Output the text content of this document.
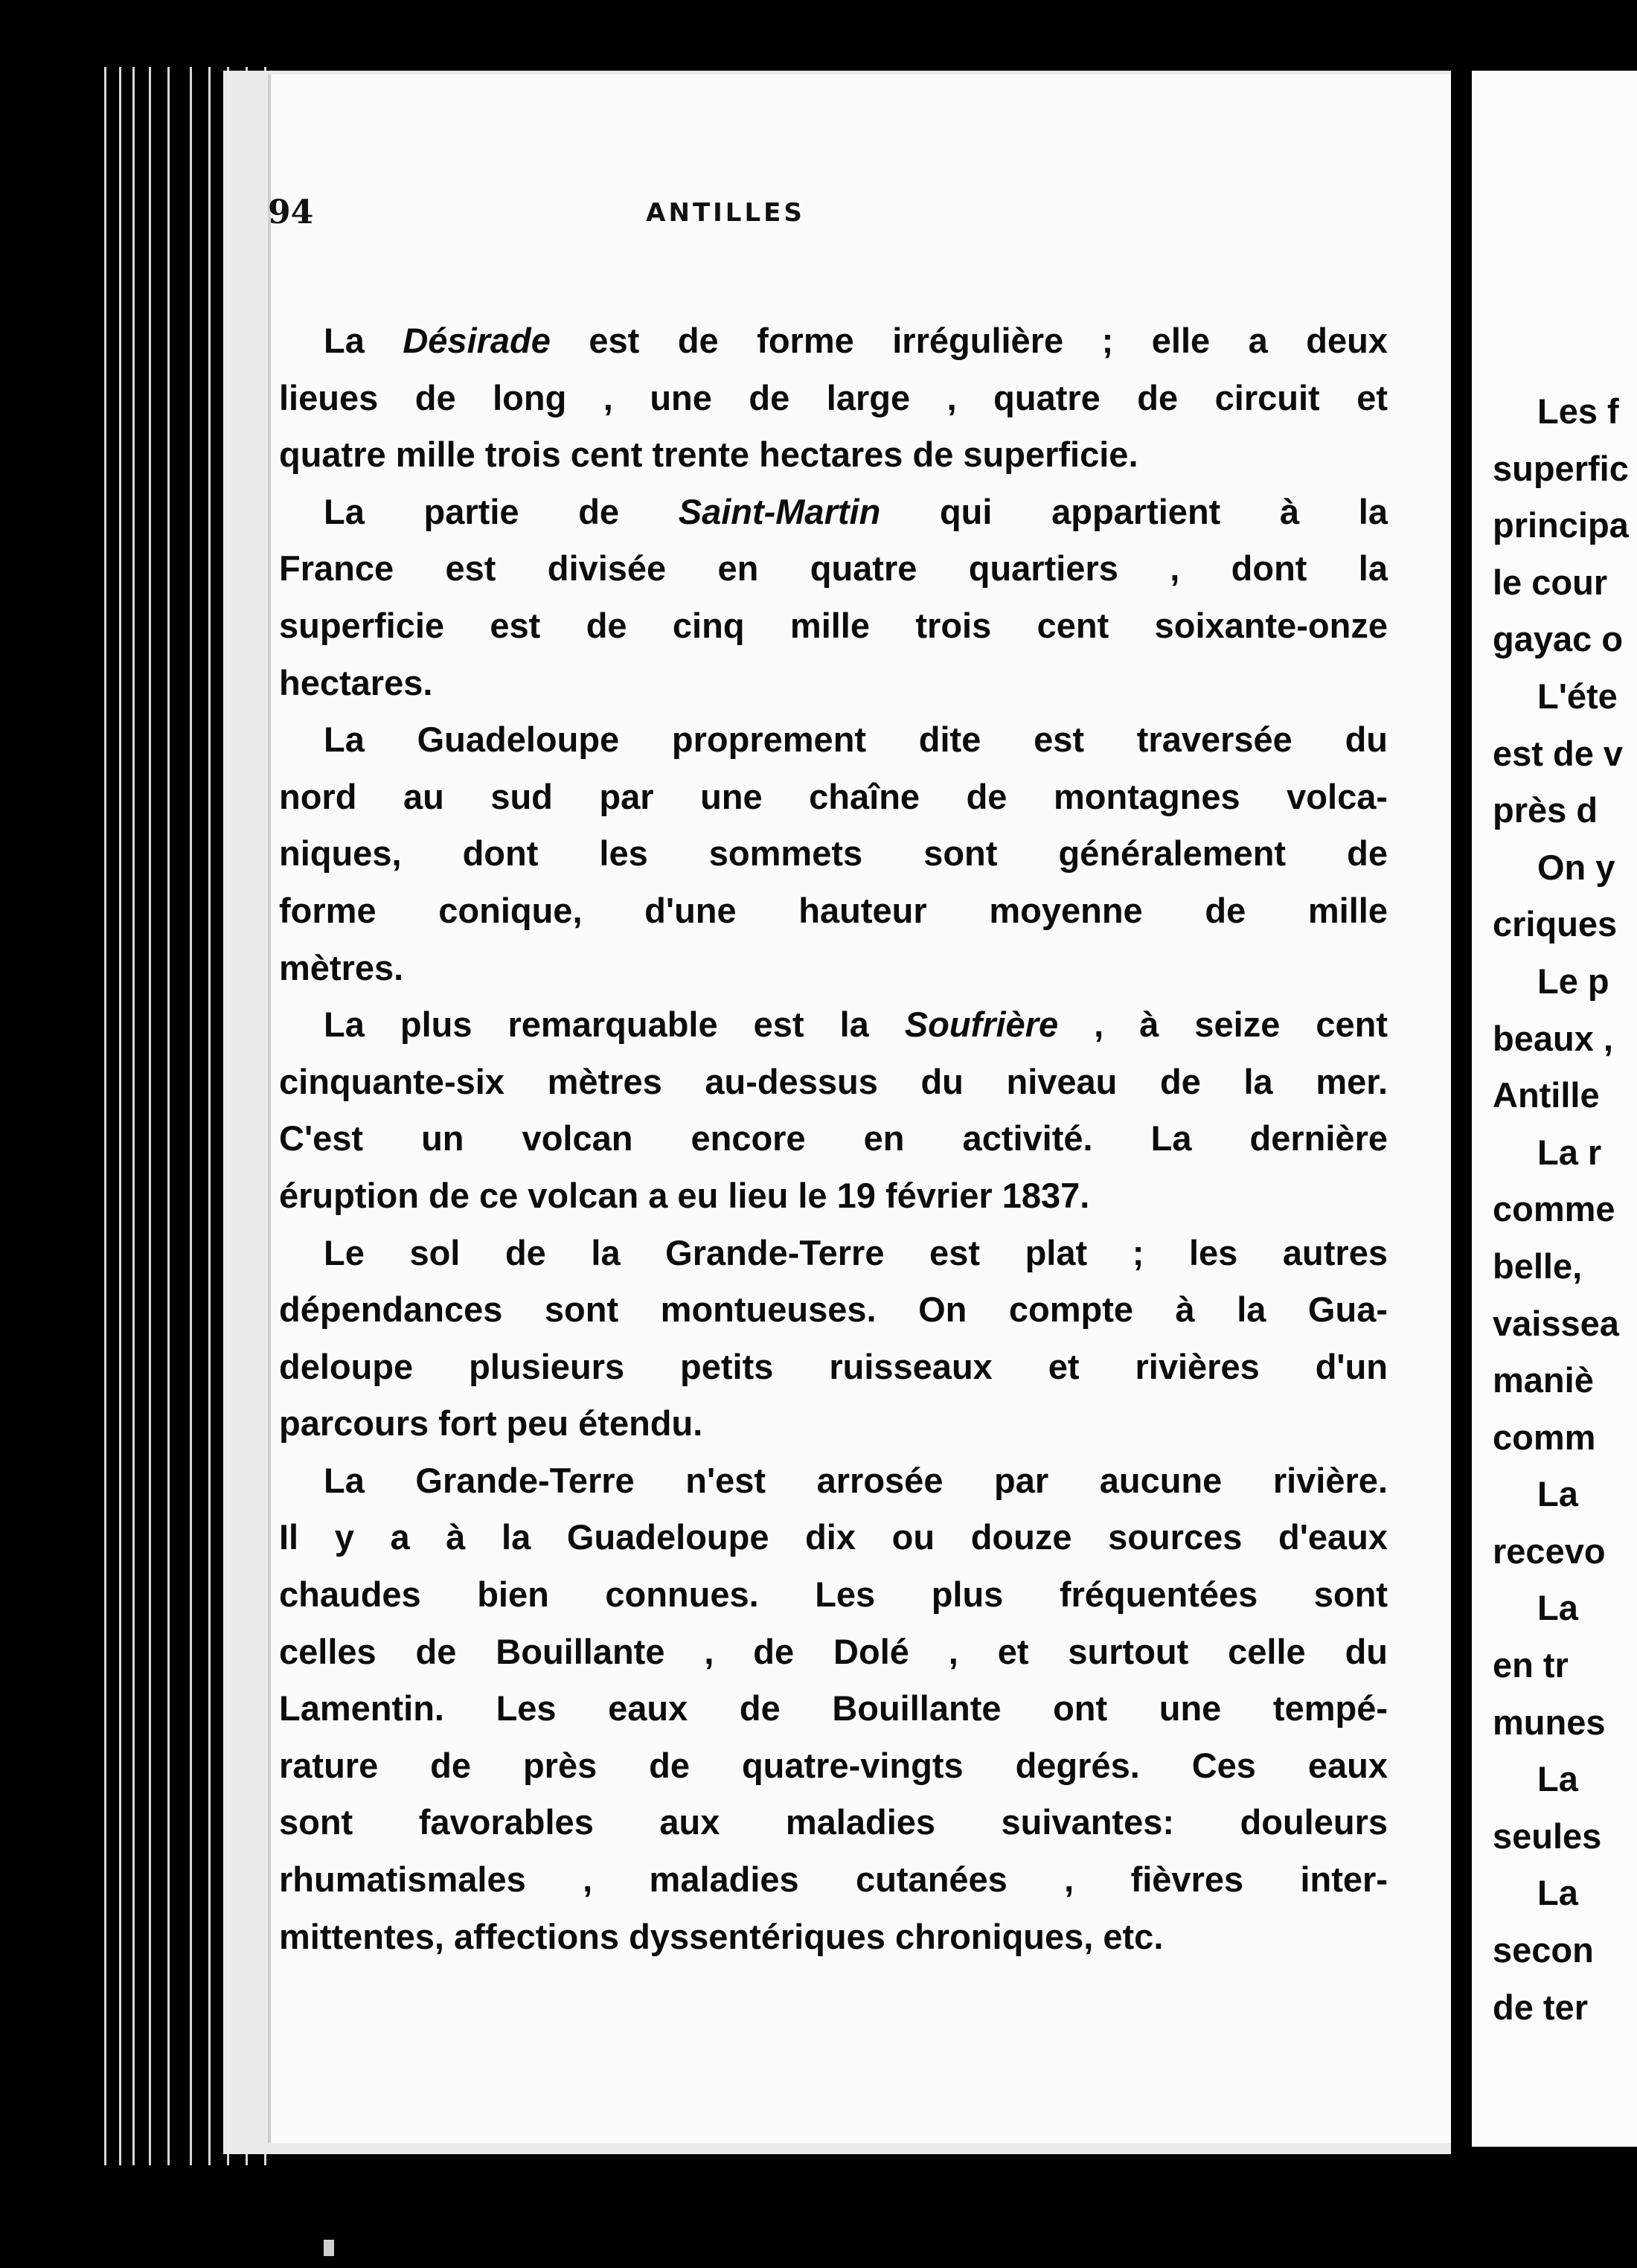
94	ANTILLES
La Désirade est de forme irrégulière ; elle a deux
lieues de long , une de large , quatre de circuit et
quatre mille trois cent trente hectares de superficie.
La partie de Saint-Martin qui appartient à la
France est divisée en quatre quartiers , dont la
superficie est de cinq mille trois cent soixante-onze
hectares.
La Guadeloupe proprement dite est traversée du
nord au sud par une chaîne de montagnes volca-
niques, dont les sommets sont généralement de
forme conique, d'une hauteur moyenne de mille
mètres.
La plus remarquable est la Soufrière , à seize cent
cinquante-six mètres au-dessus du niveau de la mer.
C'est un volcan encore en activité. La dernière
éruption de ce volcan a eu lieu le 19 février 1837.
Le sol de la Grande-Terre est plat ; les autres
dépendances sont montueuses. On compte à la Gua-
deloupe plusieurs petits ruisseaux et rivières d'un
parcours fort peu étendu.
La Grande-Terre n'est arrosée par aucune rivière.
Il y a à la Guadeloupe dix ou douze sources d'eaux
chaudes bien connues. Les plus fréquentées sont
celles de Bouillante , de Dolé , et surtout celle du
Lamentin. Les eaux de Bouillante ont une tempé-
rature de près de quatre-vingts degrés. Ces eaux
sont favorables aux maladies suivantes: douleurs
rhumatismales , maladies cutanées , fièvres inter-
mittentes, affections dyssentériques chroniques, etc.
Les f
superfic
principa
le cour
gayac o
L'éte
est de v
près d
On y
criques
Le p
beaux ,
Antille
La r
comme
belle,
vaissea
maniè
comm
La
recevo
La
en tr
munes
La
seules
La
secon
de ter
